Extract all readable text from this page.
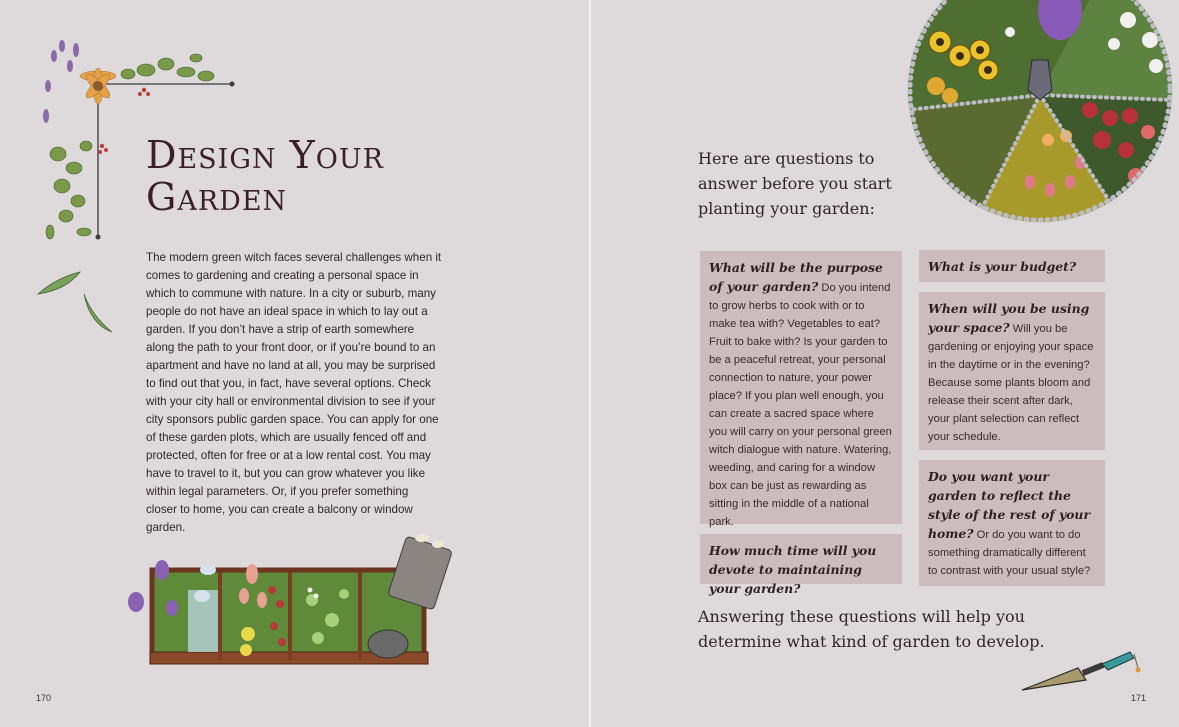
Design Your
Garden

The modern green witch faces several challenges when it comes to gardening and creating a personal space in which to commune with nature. In a city or suburb, many people do not have an ideal space in which to lay out a garden. If you don’t have a strip of earth somewhere along the path to your front door, or if you’re bound to an apartment and have no land at all, you may be surprised to find out that you, in fact, have several options. Check with your city hall or environmental division to see if your city sponsors public garden space. You can apply for one of these garden plots, which are usually fenced off and protected, often for free or at a low rental cost. You may have to travel to it, but you can grow whatever you like within legal parameters. Or, if you prefer something closer to home, you can create a balcony or window garden.

170	171
Here are questions to answer before you start planting your garden:
What will be the purpose of your garden? Do you intend to grow herbs to cook with or to make tea with? Vegetables to eat? Fruit to bake with? Is your garden to be a peaceful retreat, your personal connection to nature, your power place? If you plan well enough, you can create a sacred space where you will carry on your personal green witch dialogue with nature. Watering, weeding, and caring for a window box can be just as rewarding as sitting in the middle of a national park.
How much time will you devote to maintaining your garden?
What is your budget?
When will you be using your space? Will you be gardening or enjoying your space in the daytime or in the evening? Because some plants bloom and release their scent after dark, your plant selection can reflect your schedule.
Do you want your garden to reflect the style of the rest of your home? Or do you want to do something dramatically different to contrast with your usual style?
Answering these questions will help you determine what kind of garden to develop.
